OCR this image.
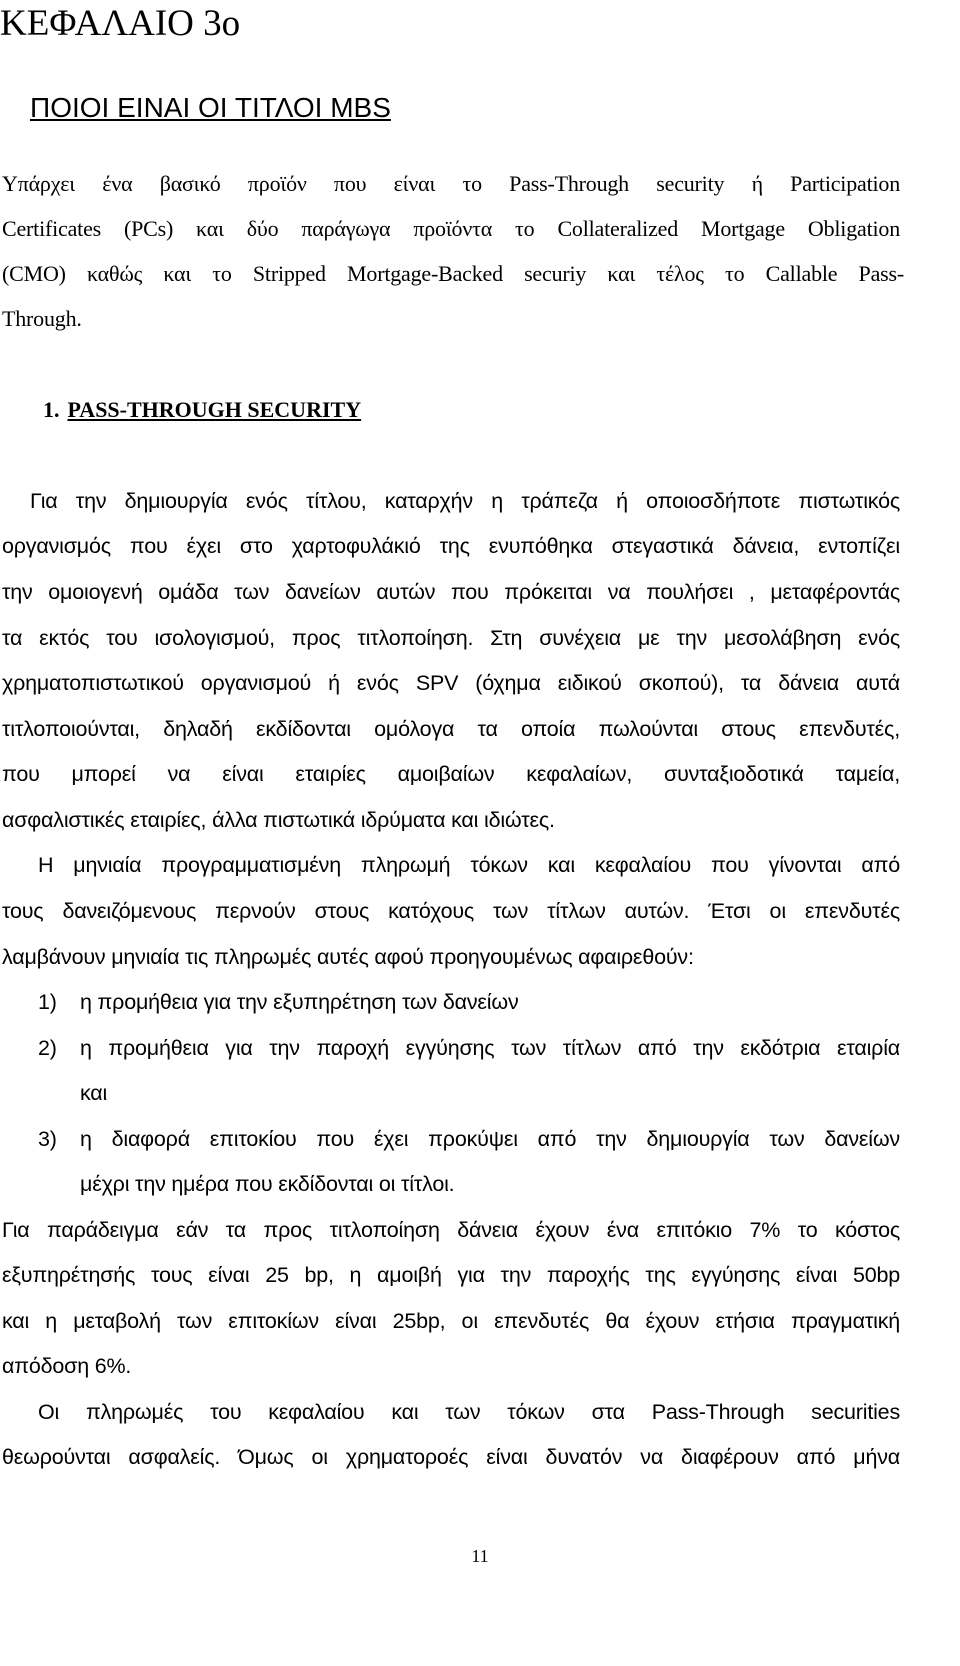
ΚΕΦΑΛΑΙΟ 3ο
ΠΟΙΟΙ ΕΙΝΑΙ ΟΙ ΤΙΤΛΟΙ MBS
Υπάρχει ένα βασικό προϊόν που είναι το Pass-Through security ή Participation
Certificates (PCs) και δύο παράγωγα προϊόντα το Collateralized Mortgage Obligation
(CMO) καθώς και το Stripped Mortgage-Backed securiy και τέλος το Callable Pass-
Through.
1. PASS-THROUGH SECURITY
Για την δημιουργία ενός τίτλου, καταρχήν η τράπεζα ή οποιοσδήποτε πιστωτικός
οργανισμός που έχει στο χαρτοφυλάκιό της ενυπόθηκα στεγαστικά δάνεια, εντοπίζει
την ομοιογενή ομάδα των δανείων αυτών που πρόκειται να πουλήσει , μεταφέροντάς
τα εκτός του ισολογισμού, προς τιτλοποίηση. Στη συνέχεια με την μεσολάβηση ενός
χρηματοπιστωτικού οργανισμού ή ενός SPV (όχημα ειδικού σκοπού), τα δάνεια αυτά
τιτλοποιούνται, δηλαδή εκδίδονται ομόλογα τα οποία πωλούνται στους επενδυτές,
που μπορεί να είναι εταιρίες αμοιβαίων κεφαλαίων, συνταξιοδοτικά ταμεία,
ασφαλιστικές εταιρίες, άλλα πιστωτικά ιδρύματα και ιδιώτες.
Η μηνιαία προγραμματισμένη πληρωμή τόκων και κεφαλαίου που γίνονται από
τους δανειζόμενους περνούν στους κατόχους των τίτλων αυτών. Έτσι οι επενδυτές
λαμβάνουν μηνιαία τις πληρωμές αυτές αφού προηγουμένως αφαιρεθούν:
1) η προμήθεια για την εξυπηρέτηση των δανείων
2) η προμήθεια για την παροχή εγγύησης των τίτλων από την εκδότρια εταιρία
και
3) η διαφορά επιτοκίου που έχει προκύψει από την δημιουργία των δανείων
μέχρι την ημέρα που εκδίδονται οι τίτλοι.
Για παράδειγμα εάν τα προς τιτλοποίηση δάνεια έχουν ένα επιτόκιο 7% το κόστος
εξυπηρέτησής τους είναι 25 bp, η αμοιβή για την παροχής της εγγύησης είναι 50bp
και η μεταβολή των επιτοκίων είναι 25bp, οι επενδυτές θα έχουν ετήσια πραγματική
απόδοση 6%.
Οι πληρωμές του κεφαλαίου και των τόκων στα Pass-Through securities
θεωρούνται ασφαλείς. Όμως οι χρηματοροές είναι δυνατόν να διαφέρουν από μήνα
11
